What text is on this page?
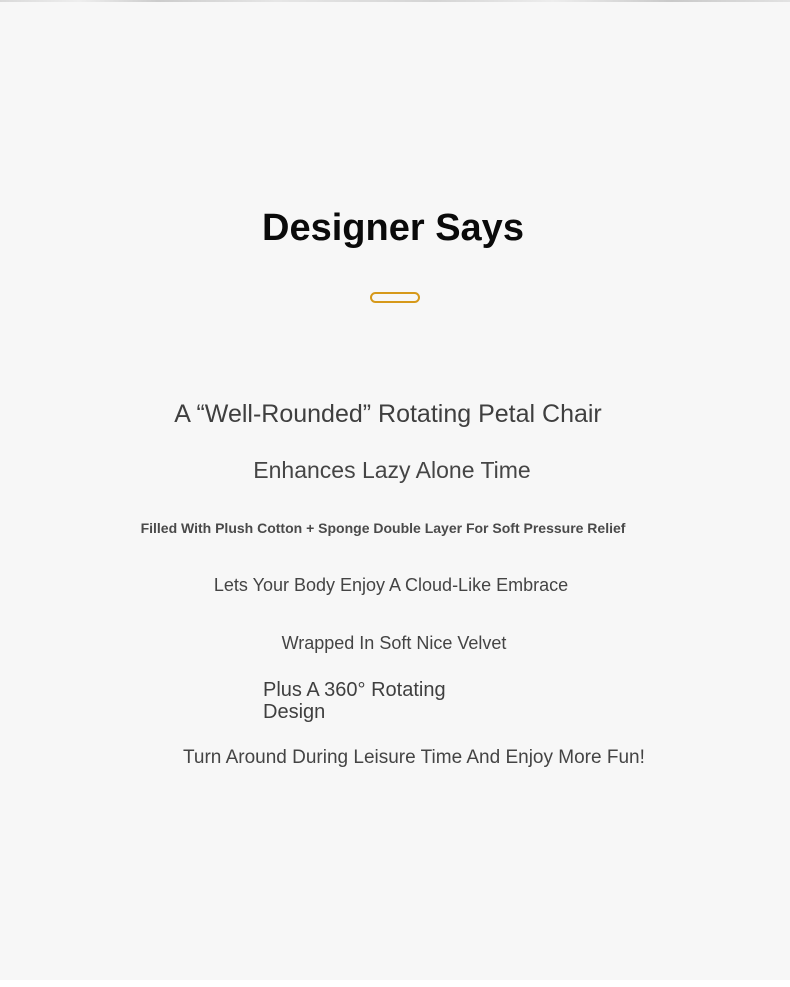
Designer Says

A “Well-Rounded” Rotating Petal Chair

Enhances Lazy Alone Time

Filled With Plush Cotton + Sponge Double Layer For Soft Pressure Relief

Lets Your Body Enjoy A Cloud-Like Embrace

Wrapped In Soft Nice Velvet

Plus A 360° Rotating Design

Turn Around During Leisure Time And Enjoy More Fun!
